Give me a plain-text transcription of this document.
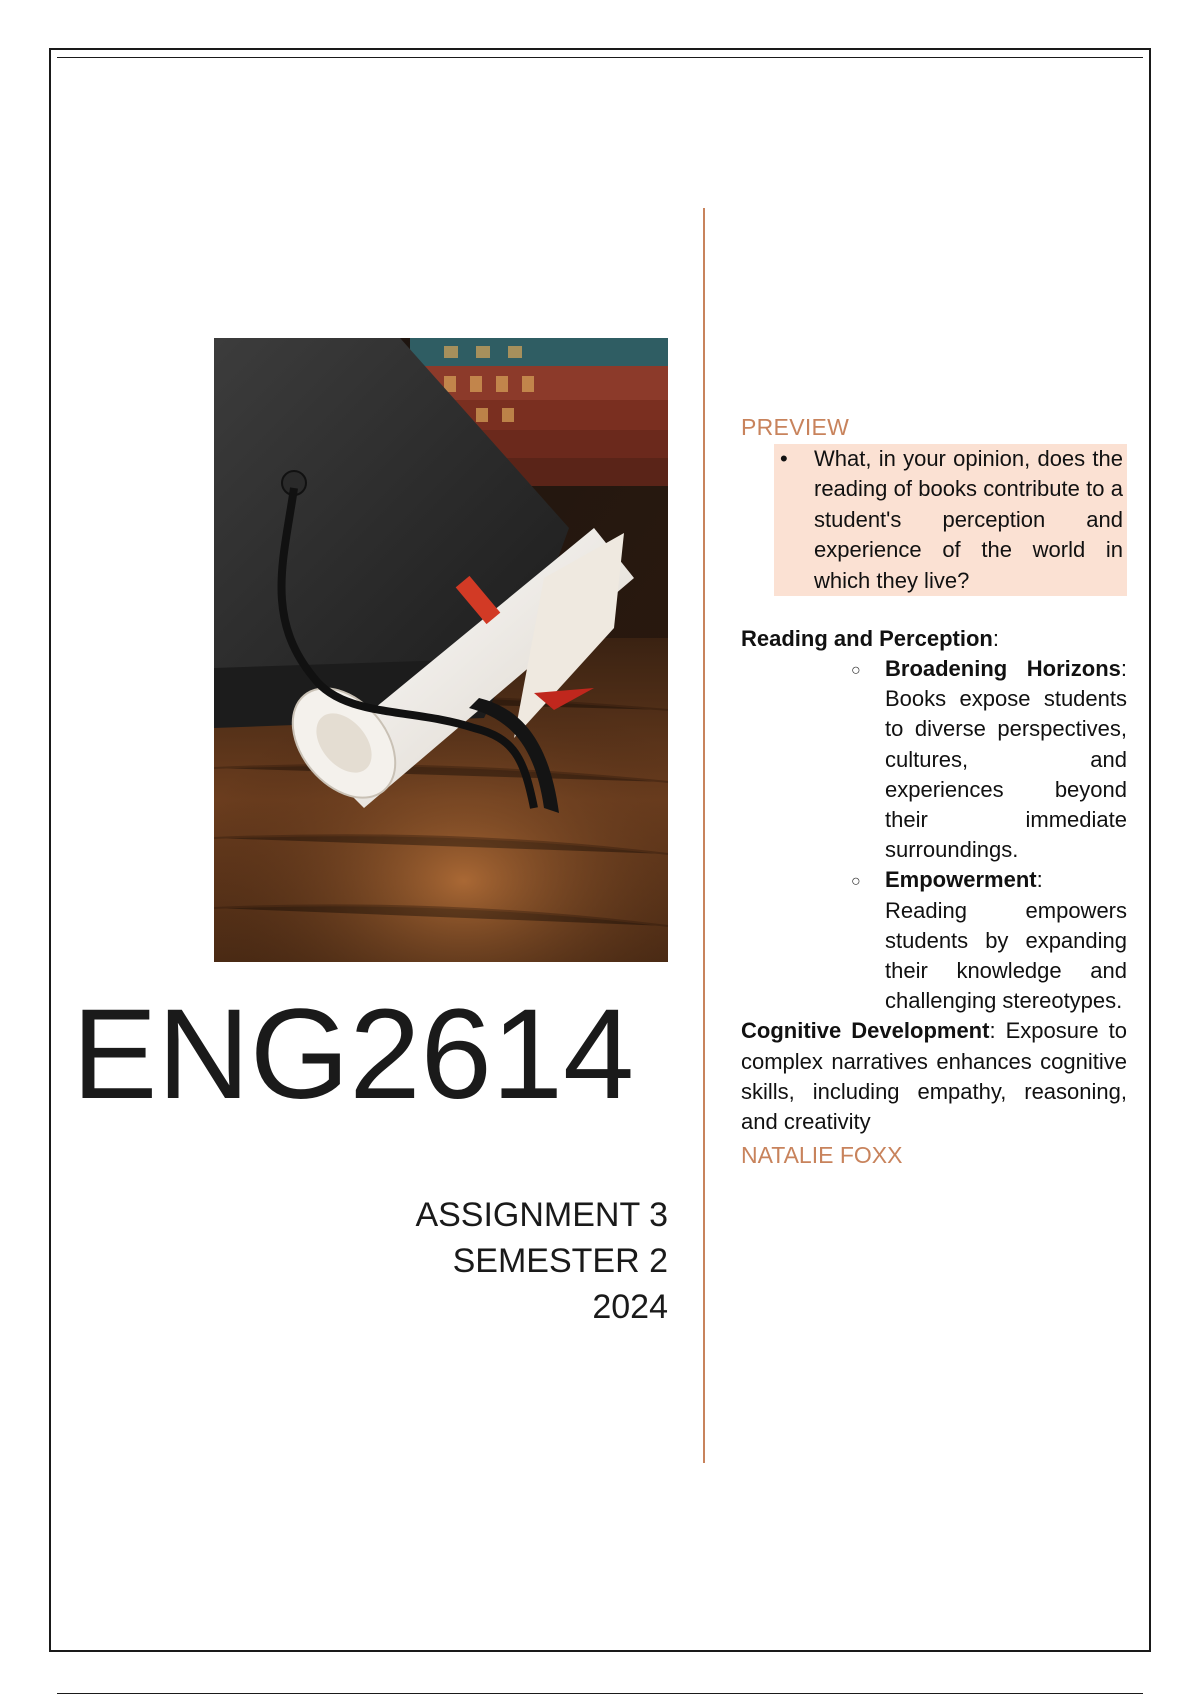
ENG2614
ASSIGNMENT 3
SEMESTER 2
2024
PREVIEW
• What, in your opinion, does the reading of books contribute to a student's perception and experience of the world in which they live?
Reading and Perception:
○ Broadening Horizons: Books expose students to diverse perspectives, cultures, and experiences beyond their immediate surroundings.
○ Empowerment: Reading empowers students by expanding their knowledge and challenging stereotypes.
Cognitive Development: Exposure to complex narratives enhances cognitive skills, including empathy, reasoning, and creativity
NATALIE FOXX
